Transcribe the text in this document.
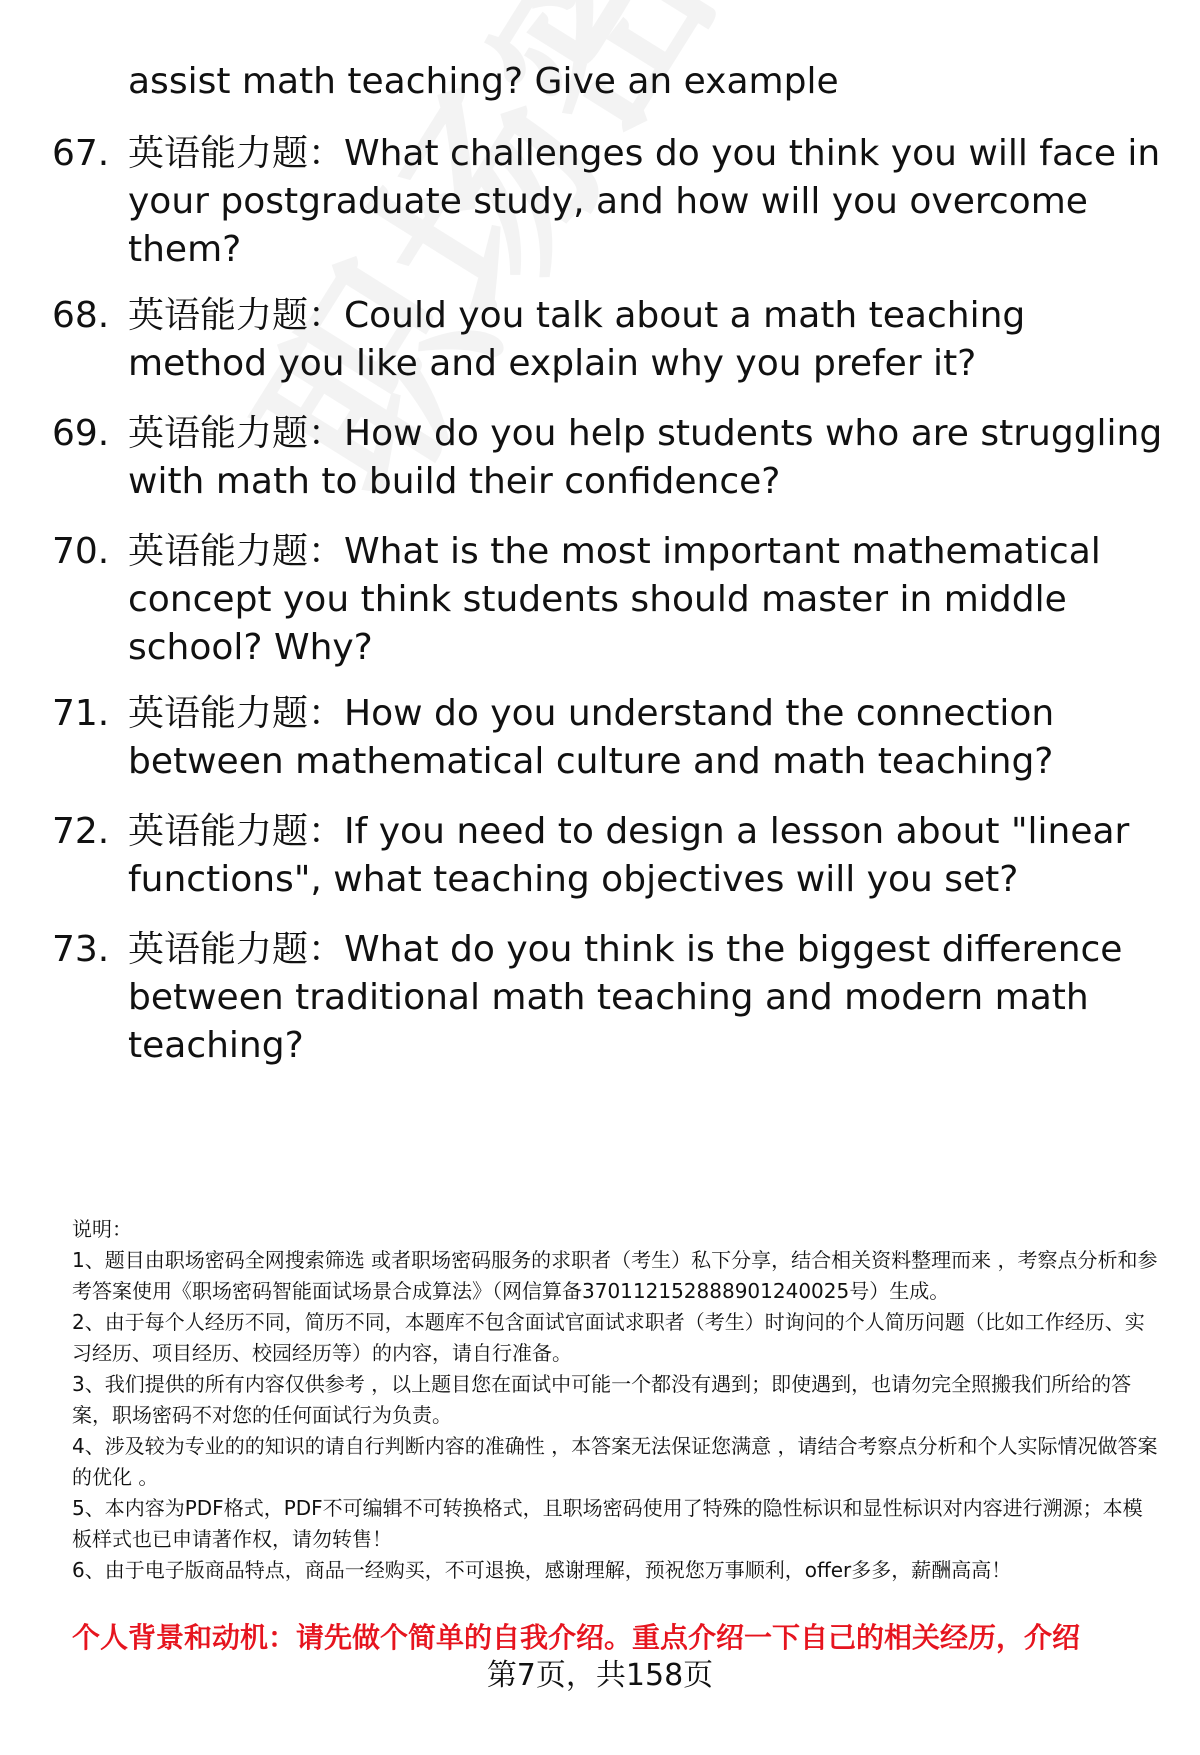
assist math teaching? Give an example
67. 英语能力题：What challenges do you think you will face in your postgraduate study, and how will you overcome them?
68. 英语能力题：Could you talk about a math teaching method you like and explain why you prefer it?
69. 英语能力题：How do you help students who are struggling with math to build their confidence?
70. 英语能力题：What is the most important mathematical concept you think students should master in middle school? Why?
71. 英语能力题：How do you understand the connection between mathematical culture and math teaching?
72. 英语能力题：If you need to design a lesson about "linear functions", what teaching objectives will you set?
73. 英语能力题：What do you think is the biggest difference between traditional math teaching and modern math teaching?

说明：

1、题目由职场密码全网搜索筛选 或者职场密码服务的求职者（考生）私下分享，结合相关资料整理而来 ，考察点分析和参考答案使用《职场密码智能面试场景合成算法》（网信算备370112152888901240025号）生成。

2、由于每个人经历不同，简历不同，本题库不包含面试官面试求职者（考生）时询问的个人简历问题（比如工作经历、实习经历、项目经历、校园经历等）的内容，请自行准备。

3、我们提供的所有内容仅供参考 ，以上题目您在面试中可能一个都没有遇到；即使遇到，也请勿完全照搬我们所给的答案，职场密码不对您的任何面试行为负责。

4、涉及较为专业的的知识的请自行判断内容的准确性 ，本答案无法保证您满意 ，请结合考察点分析和个人实际情况做答案的优化 。

5、本内容为PDF格式，PDF不可编辑不可转换格式，且职场密码使用了特殊的隐性标识和显性标识对内容进行溯源；本模板样式也已申请著作权，请勿转售！

6、由于电子版商品特点，商品一经购买，不可退换，感谢理解，预祝您万事顺利，offer多多，薪酬高高！

个人背景和动机：请先做个简单的自我介绍。重点介绍一下自己的相关经历，介绍
第7页，共158页
